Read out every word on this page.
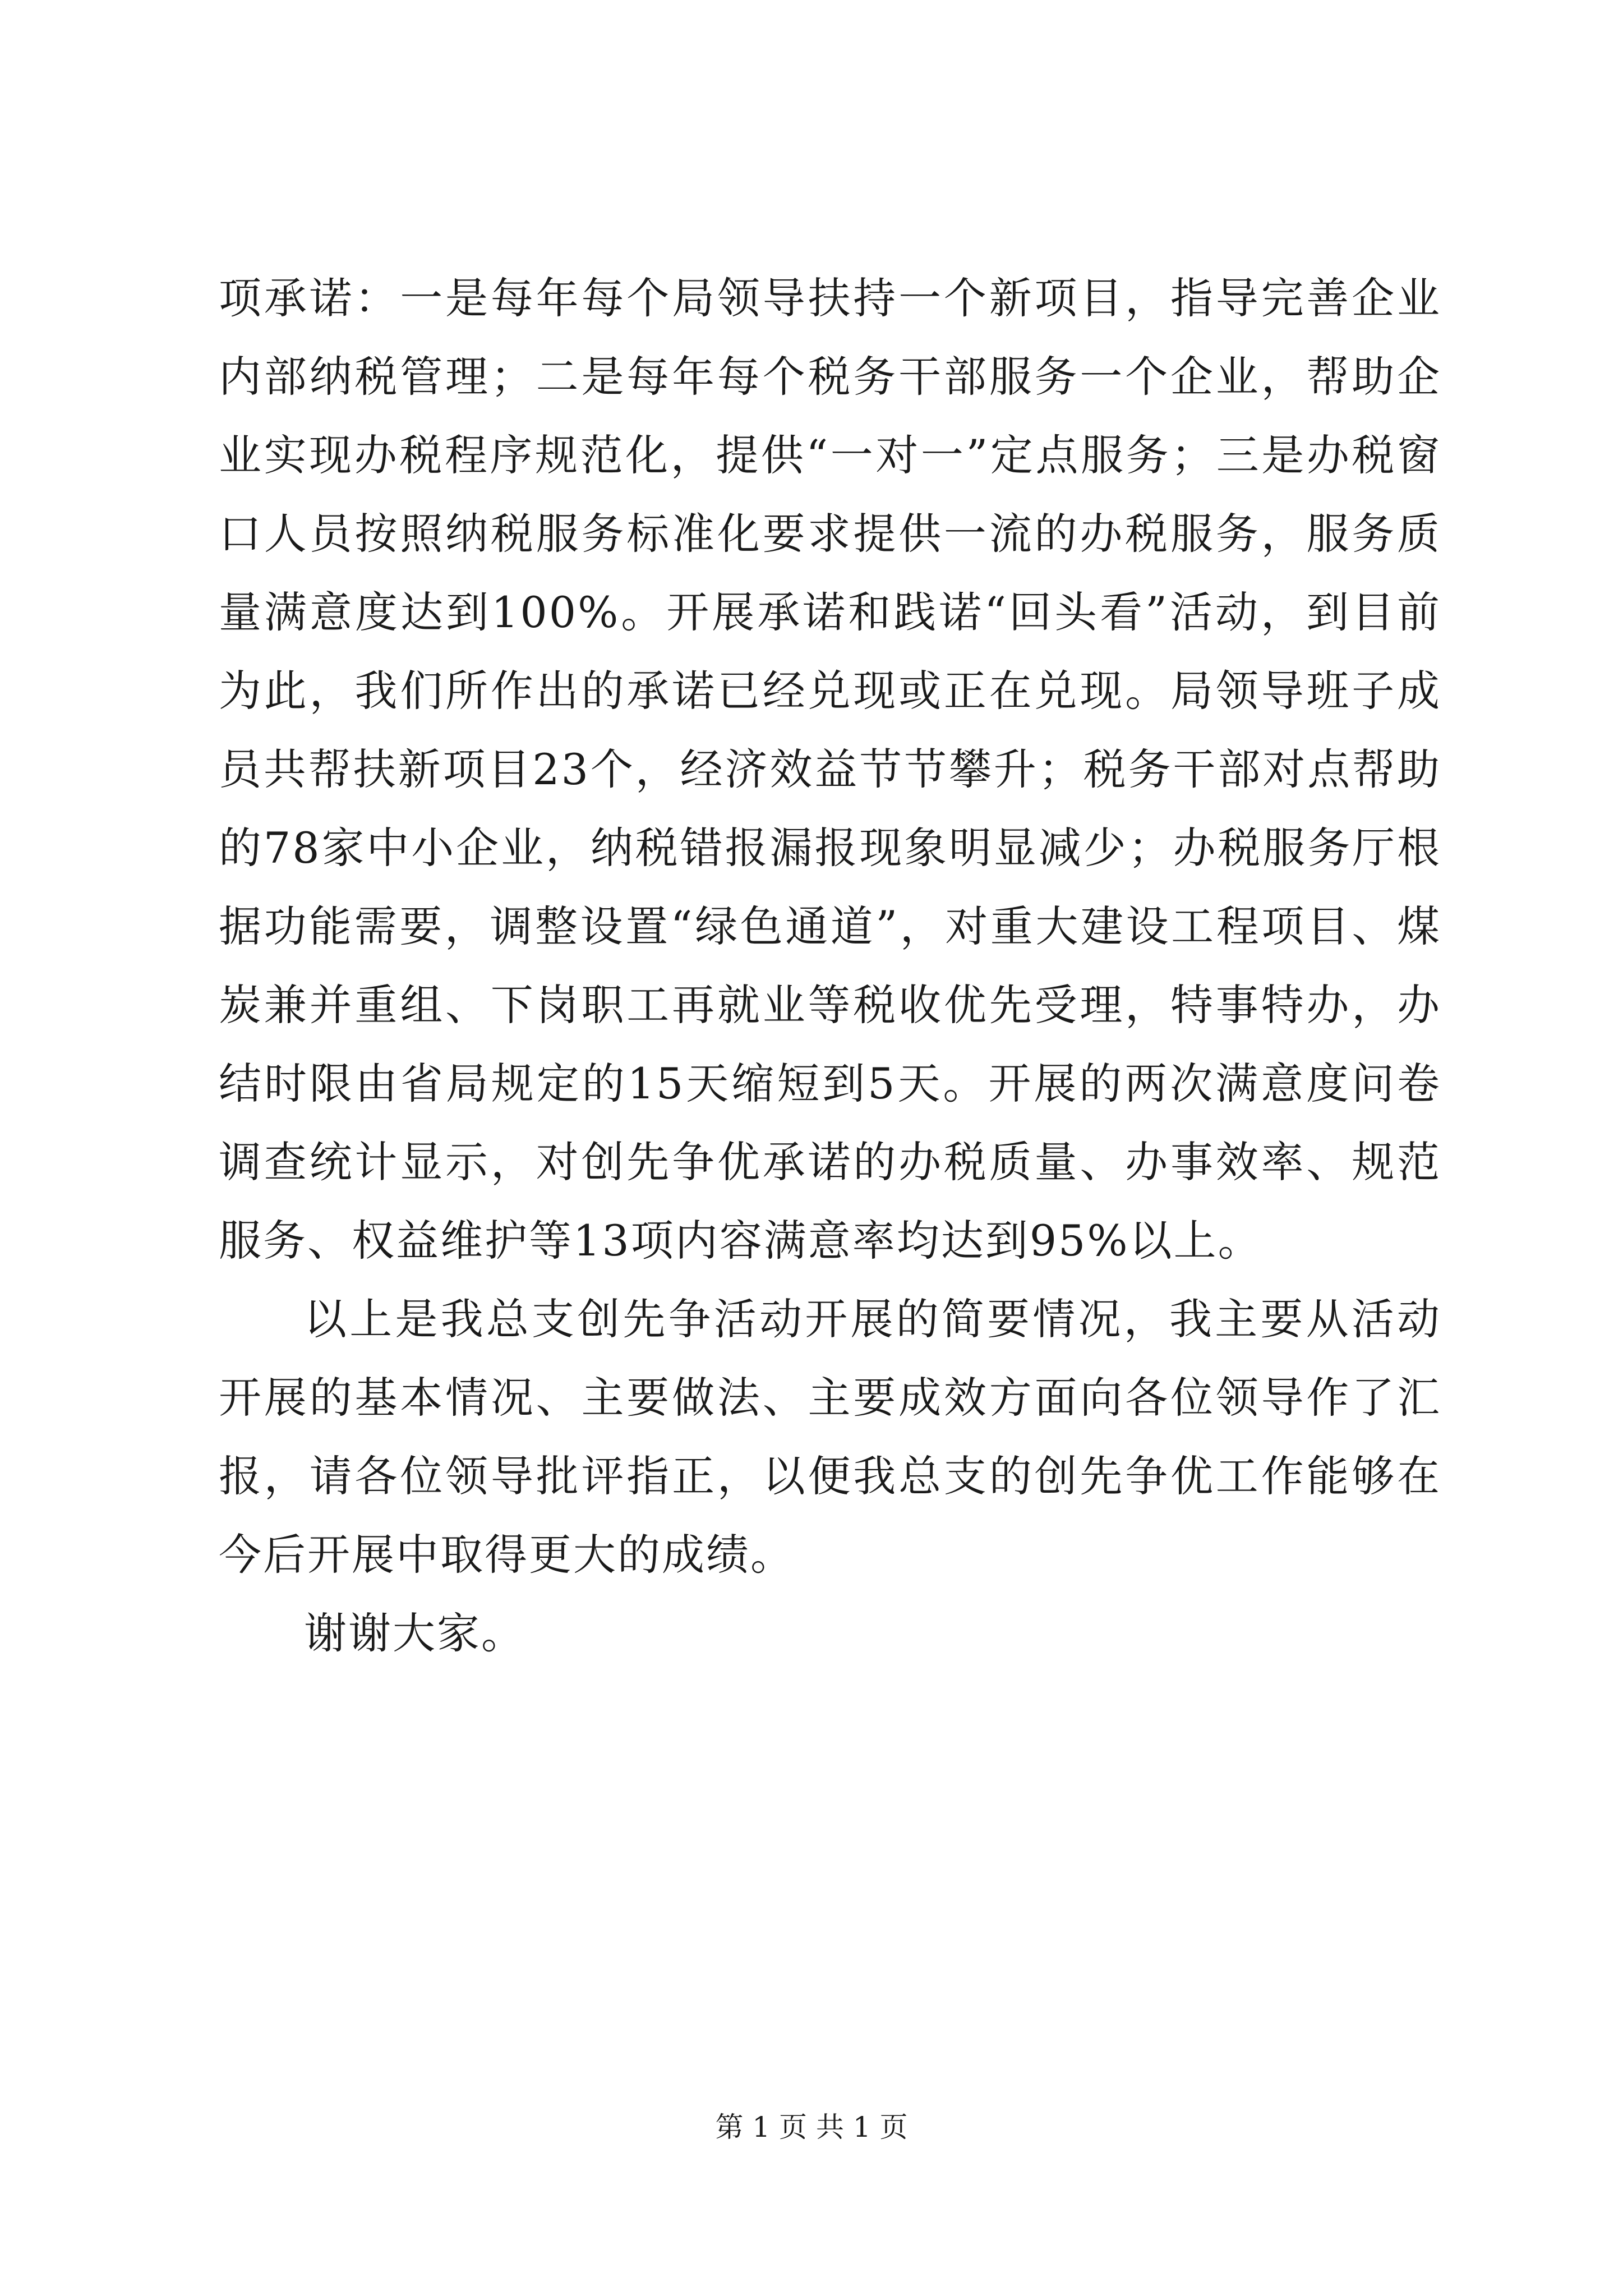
项承诺：一是每年每个局领导扶持一个新项目，指导完善企业内部纳税管理；二是每年每个税务干部服务一个企业，帮助企业实现办税程序规范化，提供“一对一”定点服务；三是办税窗口人员按照纳税服务标准化要求提供一流的办税服务，服务质量满意度达到100%。开展承诺和践诺“回头看”活动，到目前为此，我们所作出的承诺已经兑现或正在兑现。局领导班子成员共帮扶新项目23个，经济效益节节攀升；税务干部对点帮助的78家中小企业，纳税错报漏报现象明显减少；办税服务厅根据功能需要，调整设置“绿色通道”，对重大建设工程项目、煤炭兼并重组、下岗职工再就业等税收优先受理，特事特办，办结时限由省局规定的15天缩短到5天。开展的两次满意度问卷调查统计显示，对创先争优承诺的办税质量、办事效率、规范服务、权益维护等13项内容满意率均达到95%以上。

以上是我总支创先争活动开展的简要情况，我主要从活动开展的基本情况、主要做法、主要成效方面向各位领导作了汇报，请各位领导批评指正，以便我总支的创先争优工作能够在今后开展中取得更大的成绩。

谢谢大家。

第 1 页 共 1 页
